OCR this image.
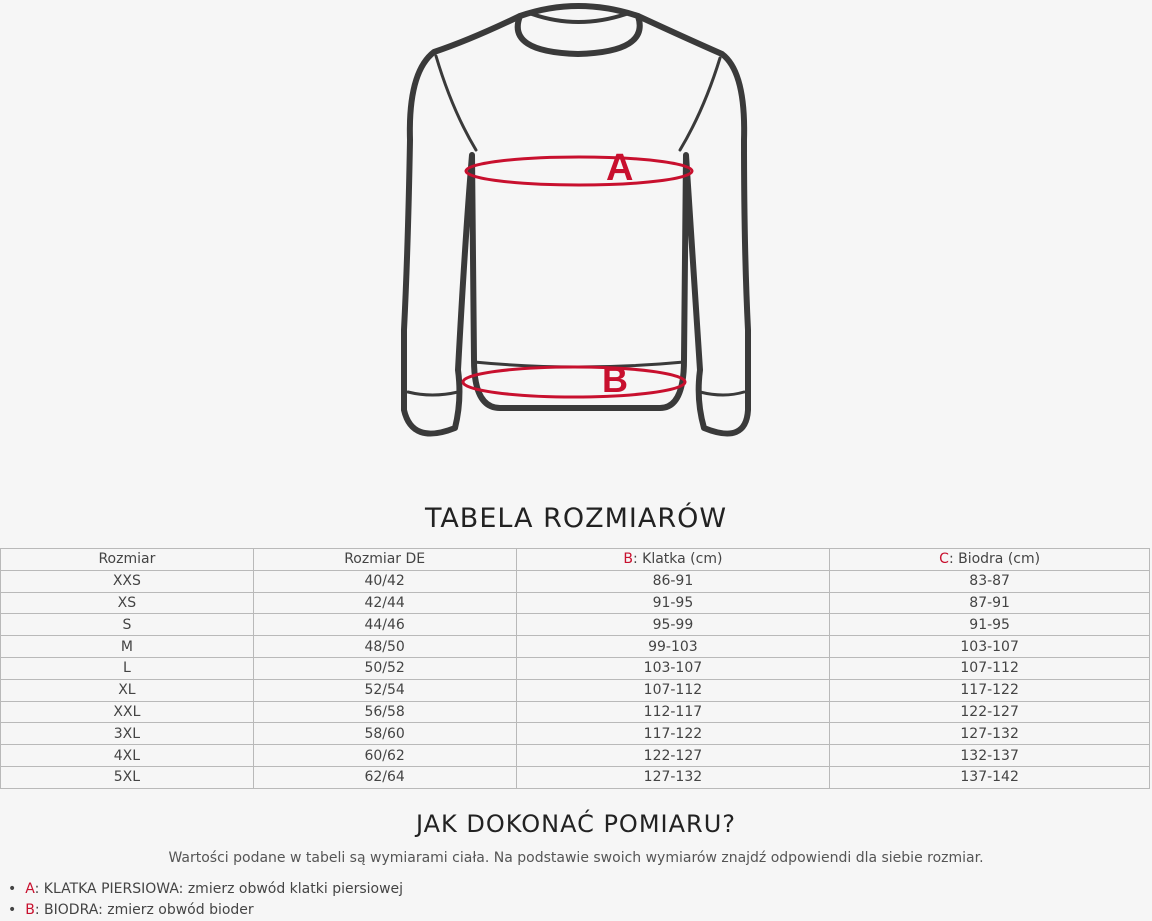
A
B
TABELA ROZMIARÓW
Rozmiar	Rozmiar DE	B: Klatka (cm)	C: Biodra (cm)
XXS	40/42	86-91	83-87
XS	42/44	91-95	87-91
S	44/46	95-99	91-95
M	48/50	99-103	103-107
L	50/52	103-107	107-112
XL	52/54	107-112	117-122
XXL	56/58	112-117	122-127
3XL	58/60	117-122	127-132
4XL	60/62	122-127	132-137
5XL	62/64	127-132	137-142
JAK DOKONAĆ POMIARU?
Wartości podane w tabeli są wymiarami ciała. Na podstawie swoich wymiarów znajdź odpowiendi dla siebie rozmiar.
• A: KLATKA PIERSIOWA: zmierz obwód klatki piersiowej
• B: BIODRA: zmierz obwód bioder
